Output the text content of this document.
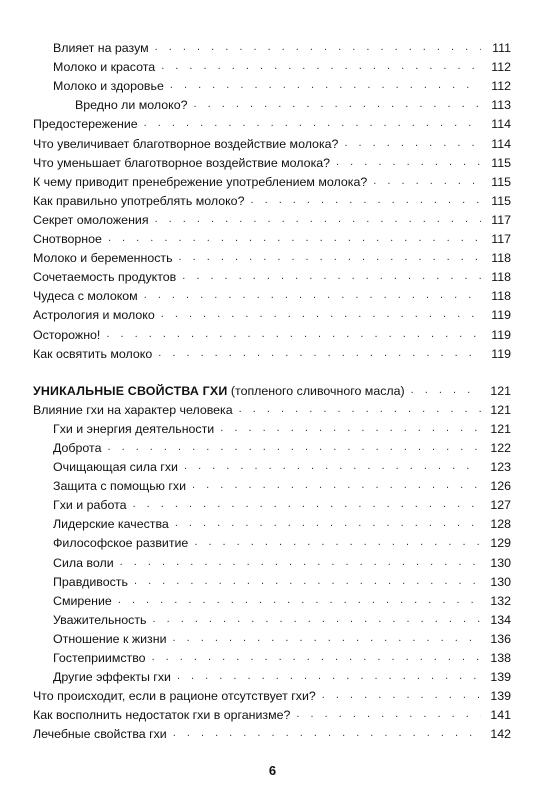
Влияет на разум . . .	111
Молоко и красота . . .	112
Молоко и здоровье . . .	112
Вредно ли молоко? . . .	113
Предостережение . . .	114
Что увеличивает благотворное воздействие молока? . . .	114
Что уменьшает благотворное воздействие молока? . . .	115
К чему приводит пренебрежение употреблением молока? . . .	115
Как правильно употреблять молоко? . . .	115
Секрет омоложения . . .	117
Снотворное . . .	117
Молоко и беременность . . .	118
Сочетаемость продуктов . . .	118
Чудеса с молоком . . .	118
Астрология и молоко . . .	119
Осторожно! . . .	119
Как освятить молоко . . .	119
УНИКАЛЬНЫЕ СВОЙСТВА ГХИ (топленого сливочного масла) . . .	121
Влияние гхи на характер человека . . .	121
Гхи и энергия деятельности . . .	121
Доброта . . .	122
Очищающая сила гхи . . .	123
Защита с помощью гхи . . .	126
Гхи и работа . . .	127
Лидерские качества . . .	128
Философское развитие . . .	129
Сила воли . . .	130
Правдивость . . .	130
Смирение . . .	132
Уважительность . . .	134
Отношение к жизни . . .	136
Гостеприимство . . .	138
Другие эффекты гхи . . .	139
Что происходит, если в рационе отсутствует гхи? . . .	139
Как восполнить недостаток гхи в организме? . . .	141
Лечебные свойства гхи . . .	142
6
